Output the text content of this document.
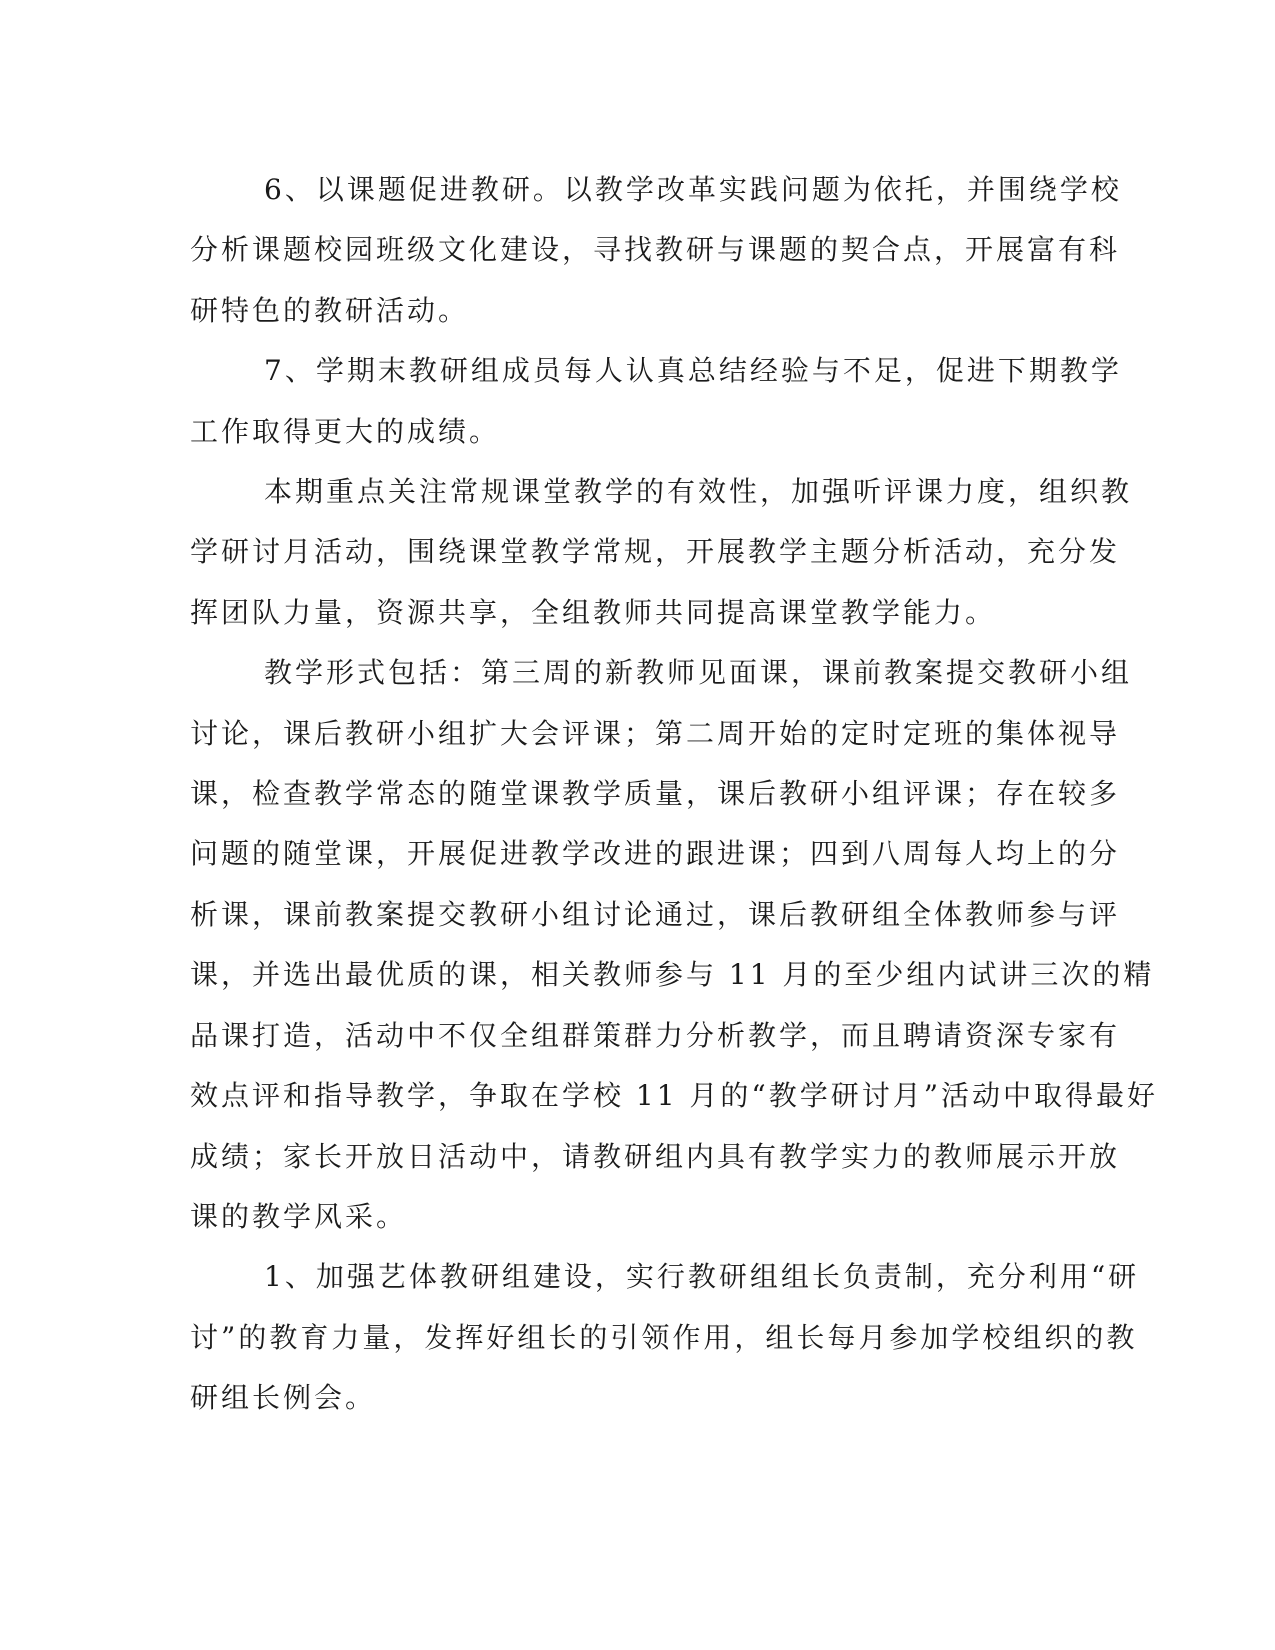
6、以课题促进教研。以教学改革实践问题为依托，并围绕学校
分析课题校园班级文化建设，寻找教研与课题的契合点，开展富有科
研特色的教研活动。
7、学期末教研组成员每人认真总结经验与不足，促进下期教学
工作取得更大的成绩。
本期重点关注常规课堂教学的有效性，加强听评课力度，组织教
学研讨月活动，围绕课堂教学常规，开展教学主题分析活动，充分发
挥团队力量，资源共享，全组教师共同提高课堂教学能力。
教学形式包括：第三周的新教师见面课，课前教案提交教研小组
讨论，课后教研小组扩大会评课；第二周开始的定时定班的集体视导
课，检查教学常态的随堂课教学质量，课后教研小组评课；存在较多
问题的随堂课，开展促进教学改进的跟进课；四到八周每人均上的分
析课，课前教案提交教研小组讨论通过，课后教研组全体教师参与评
课，并选出最优质的课，相关教师参与 11 月的至少组内试讲三次的精
品课打造，活动中不仅全组群策群力分析教学，而且聘请资深专家有
效点评和指导教学，争取在学校 11 月的“教学研讨月”活动中取得最好
成绩；家长开放日活动中，请教研组内具有教学实力的教师展示开放
课的教学风采。
1、加强艺体教研组建设，实行教研组组长负责制，充分利用“研
讨”的教育力量，发挥好组长的引领作用，组长每月参加学校组织的教
研组长例会。
